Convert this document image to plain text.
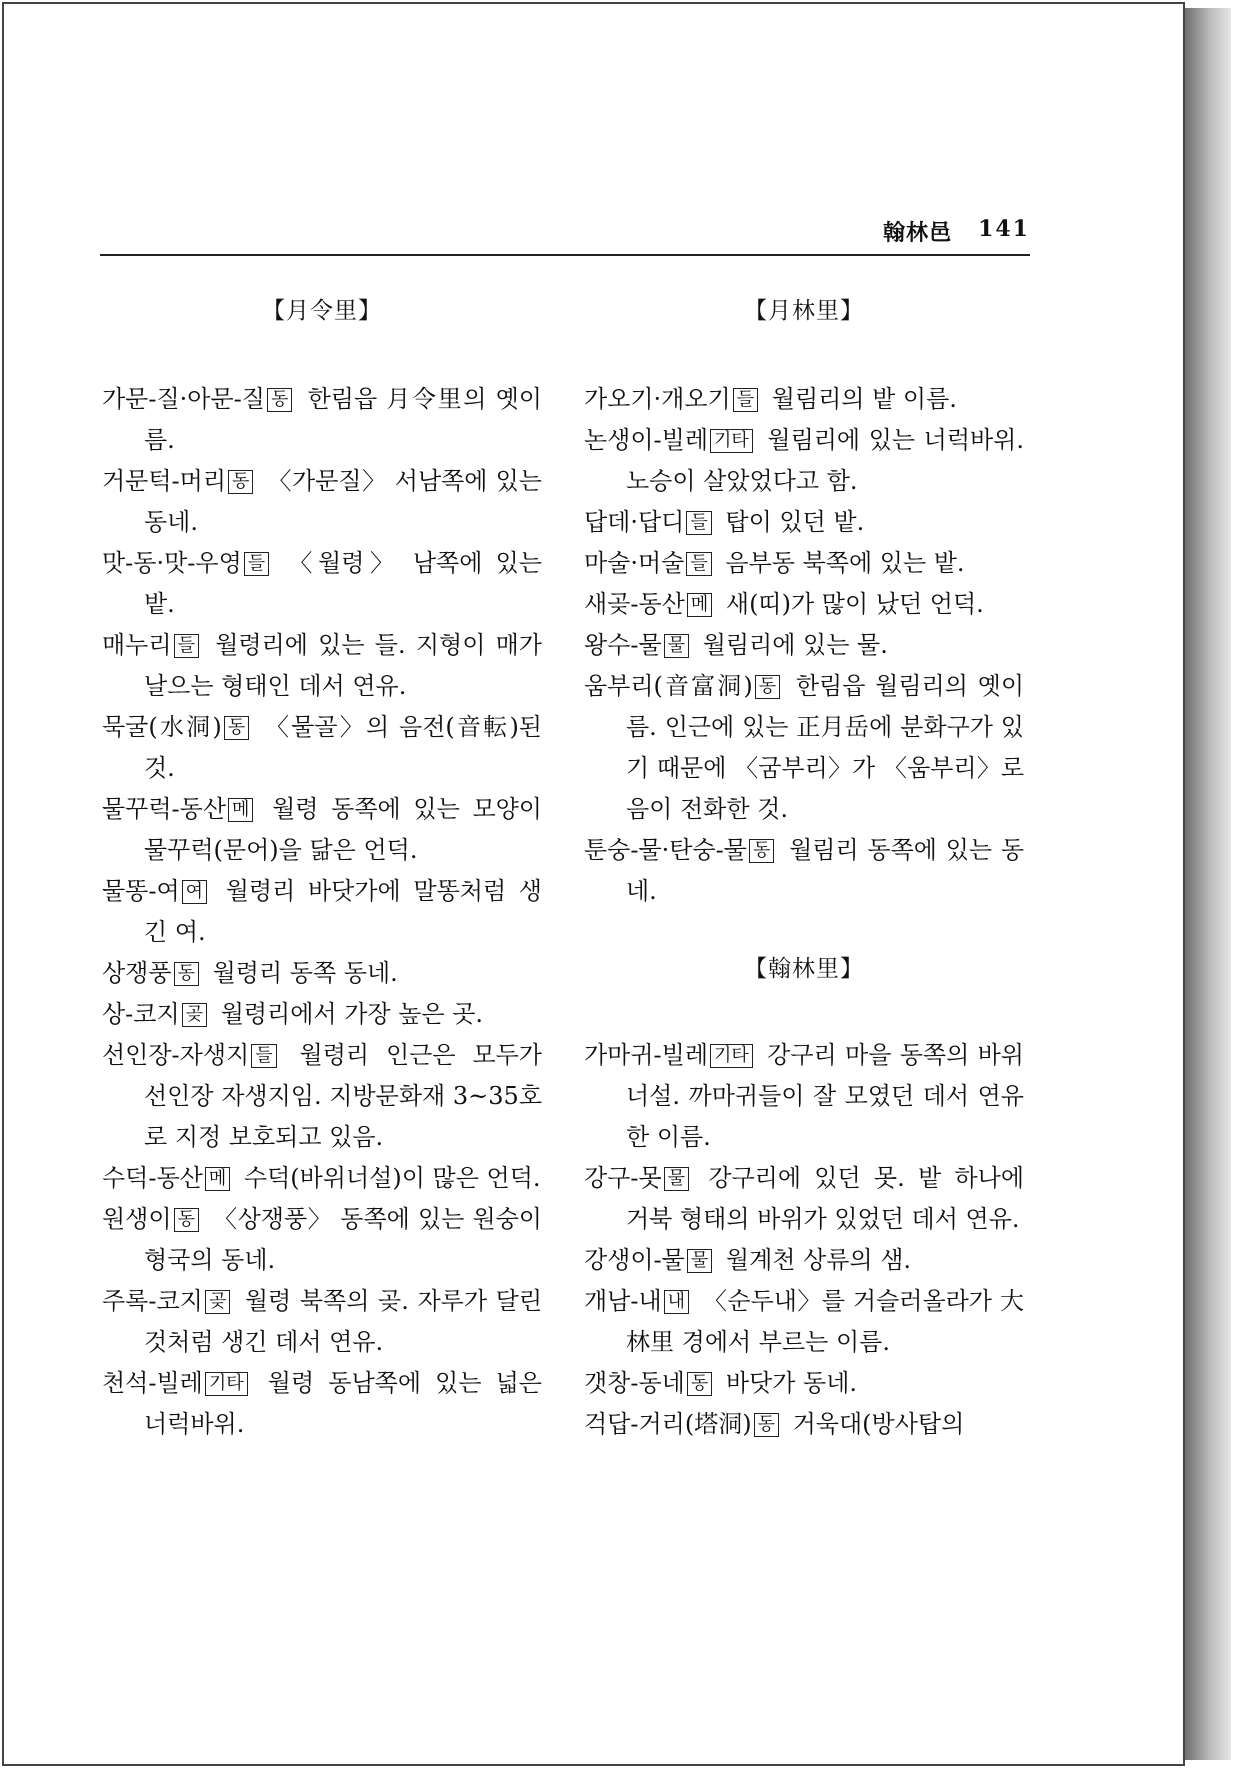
翰林邑 141
【月令里】

가문-질·아문-질 동 한림읍 月令里의 옛이름.

거문턱-머리 동 〈가문질〉 서남쪽에 있는 동네.

맛-동·맛-우영 들 〈월령〉 남쪽에 있는 밭.

매누리 들 월령리에 있는 들. 지형이 매가 날으는 형태인 데서 연유.

묵굴(水洞) 동 〈물골〉의 음전(音転)된 것.

물꾸럭-동산 메 월령 동쪽에 있는 모양이 물꾸럭(문어)을 닮은 언덕.

물똥-여 여 월령리 바닷가에 말똥처럼 생긴 여.

상쟁풍 동 월령리 동쪽 동네.

상-코지 곶 월령리에서 가장 높은 곳.

선인장-자생지 들 월령리 인근은 모두가 선인장 자생지임. 지방문화재 3~35호로 지정 보호되고 있음.

수덕-동산 메 수덕(바위너설)이 많은 언덕.

원생이 동 〈상쟁풍〉 동쪽에 있는 원숭이 형국의 동네.

주록-코지 곶 월령 북쪽의 곶. 자루가 달린 것처럼 생긴 데서 연유.

천석-빌레 기타 월령 동남쪽에 있는 넓은 너럭바위.

【月林里】

가오기·개오기 들 월림리의 밭 이름.

논생이-빌레 기타 월림리에 있는 너럭바위. 노승이 살았었다고 함.

답데·답디 들 탑이 있던 밭.

마술·머술 들 음부동 북쪽에 있는 밭.

새곶-동산 메 새(띠)가 많이 났던 언덕.

왕수-물 물 월림리에 있는 물.

움부리(音富洞) 동 한림읍 월림리의 옛이름. 인근에 있는 正月岳에 분화구가 있기 때문에 〈굼부리〉가 〈움부리〉로 음이 전화한 것.

툰숭-물·탄숭-물 동 월림리 동쪽에 있는 동네.

【翰林里】

가마귀-빌레 기타 강구리 마을 동쪽의 바위너설. 까마귀들이 잘 모였던 데서 연유한 이름.

강구-못 물 강구리에 있던 못. 밭 하나에 거북 형태의 바위가 있었던 데서 연유.

강생이-물 물 월계천 상류의 샘.

개남-내 내 〈순두내〉를 거슬러올라가 大林里 경에서 부르는 이름.

갯창-동네 동 바닷가 동네.

걱답-거리(塔洞) 동 거욱대(방사탑의
